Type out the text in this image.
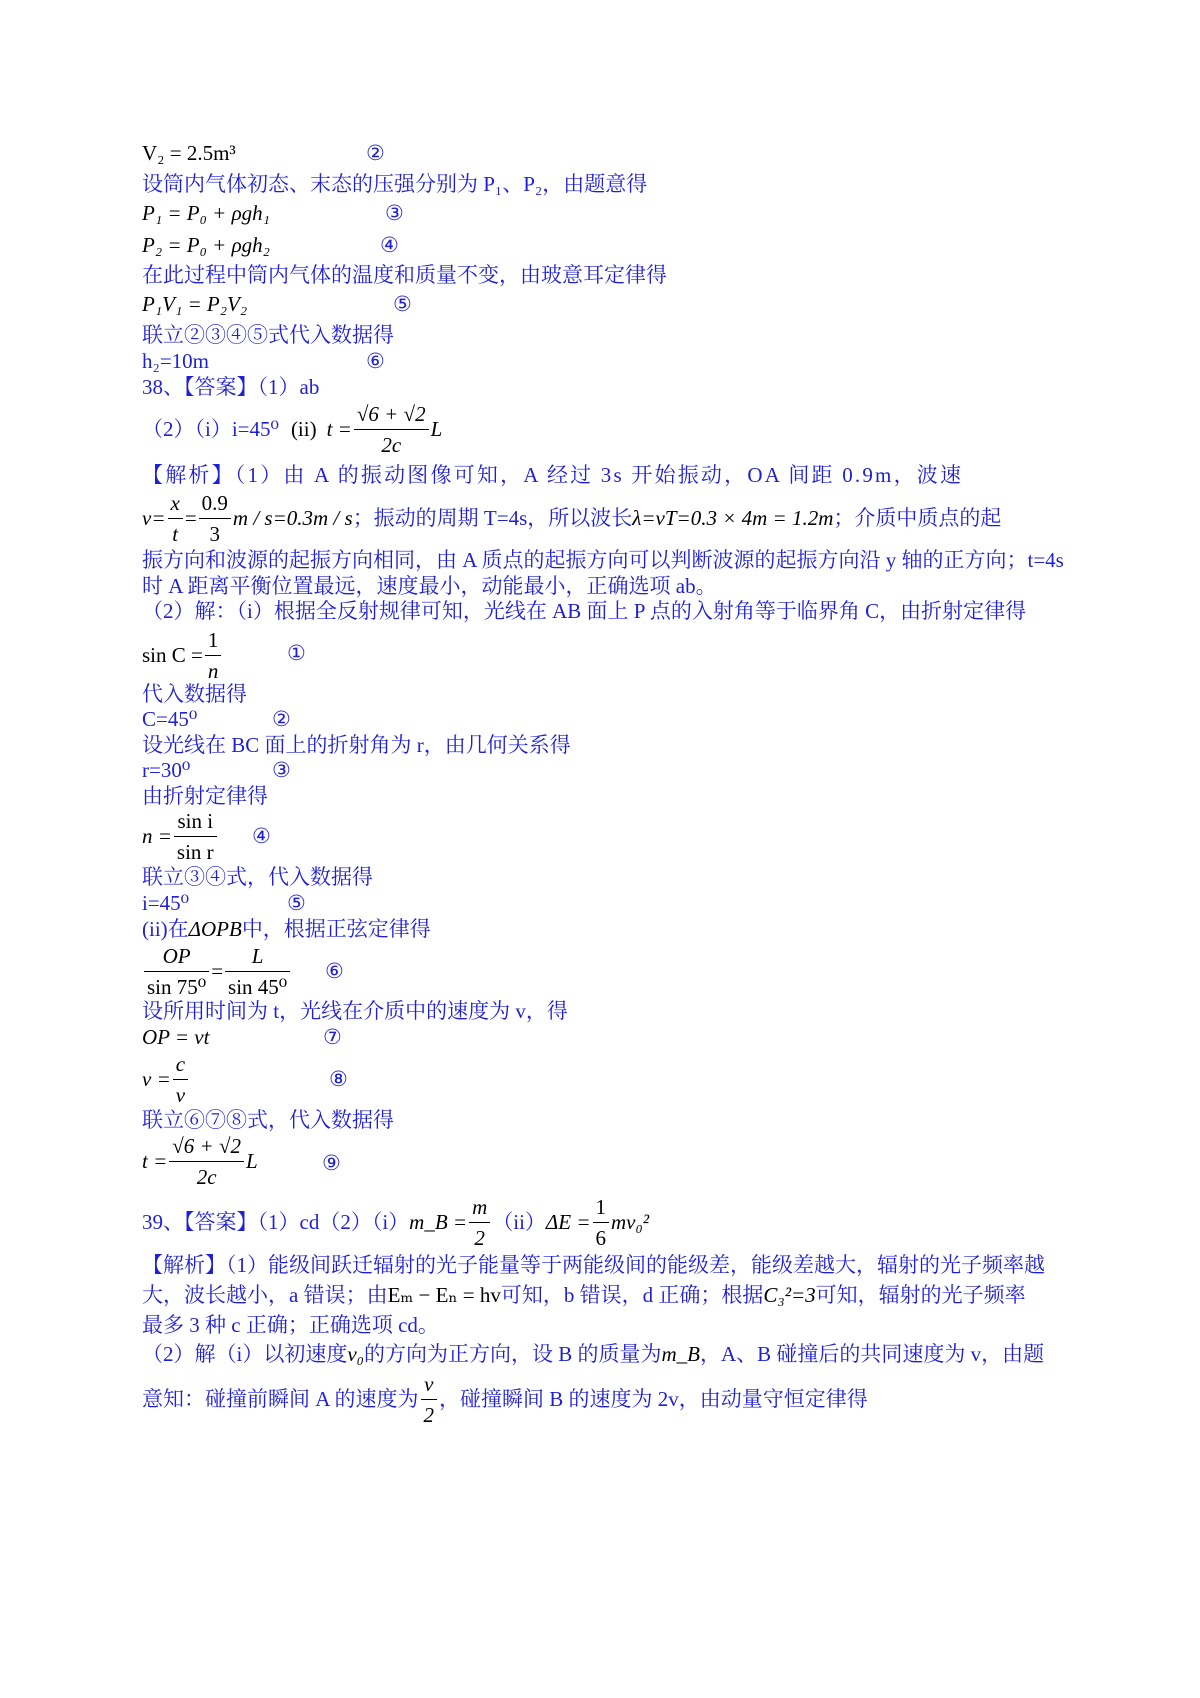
V₂ = 2.5m³	②
设筒内气体初态、末态的压强分别为 P₁、P₂，由题意得
P₁ = P₀ + ρgh₁	③
P₂ = P₀ + ρgh₂	④
在此过程中筒内气体的温度和质量不变，由玻意耳定律得
P₁V₁ = P₂V₂	⑤
联立②③④⑤式代入数据得
h₂=10m	⑥
38、【答案】（1）ab
（2）（i）i=45⁰ (ii) $t = \frac{√6 + √2}{2c}$ L
【解析】（1）由 A 的振动图像可知，A 经过 3s 开始振动，OA 间距 0.9m，波速
$v= \frac{x}{t} = \frac{0.9}{3}$ m / s=0.3m / s ；振动的周期 T=4s，所以波长 λ=vT=0.3 × 4m = 1.2m ；介质中质点的起
振方向和波源的起振方向相同，由 A 质点的起振方向可以判断波源的起振方向沿 y 轴的正方向；t=4s
时 A 距离平衡位置最远，速度最小，动能最小，正确选项 ab。
（2）解：（i）根据全反射规律可知，光线在 AB 面上 P 点的入射角等于临界角 C，由折射定律得
$\sin C = \frac{1}{n}$	①
代入数据得
C=45⁰	②
设光线在 BC 面上的折射角为 r，由几何关系得
r=30⁰	③
由折射定律得
$n = \frac{\text{sin i}}{\text{sin r}}$ ④
联立③④式，代入数据得
i=45⁰	⑤
(ii)在ΔOPB中，根据正弦定律得
$\frac{OP}{\text{sin 75⁰}} = \frac{L}{\text{sin 45⁰}}$ ⑥
设所用时间为 t，光线在介质中的速度为 v，得
OP = vt	⑦
$v = \frac{c}{v}$	⑧
联立⑥⑦⑧式，代入数据得
$t = \frac{√6 + √2}{2c}$ L	⑨
39、【答案】（1）cd（2）（i） m_B = $\frac{m}{2} (ii) \Delta E = \frac{1}{6} mv_0^2$
【解析】（1）能级间跃迁辐射的光子能量等于两能级间的能级差，能级差越大，辐射的光子频率越
大，波长越小，a 错误；由Eₘ − Eₙ = hv可知，b 错误，d 正确；根据C₃²=3可知，辐射的光子频率
最多 3 种 c 正确；正确选项 cd。
（2）解（i）以初速度v₀的方向为正方向，设 B 的质量为m_B，A、B 碰撞后的共同速度为 v，由题
意知：碰撞前瞬间 A 的速度为 $\frac{v}{2}$ ，碰撞瞬间 B 的速度为 2v，由动量守恒定律得
